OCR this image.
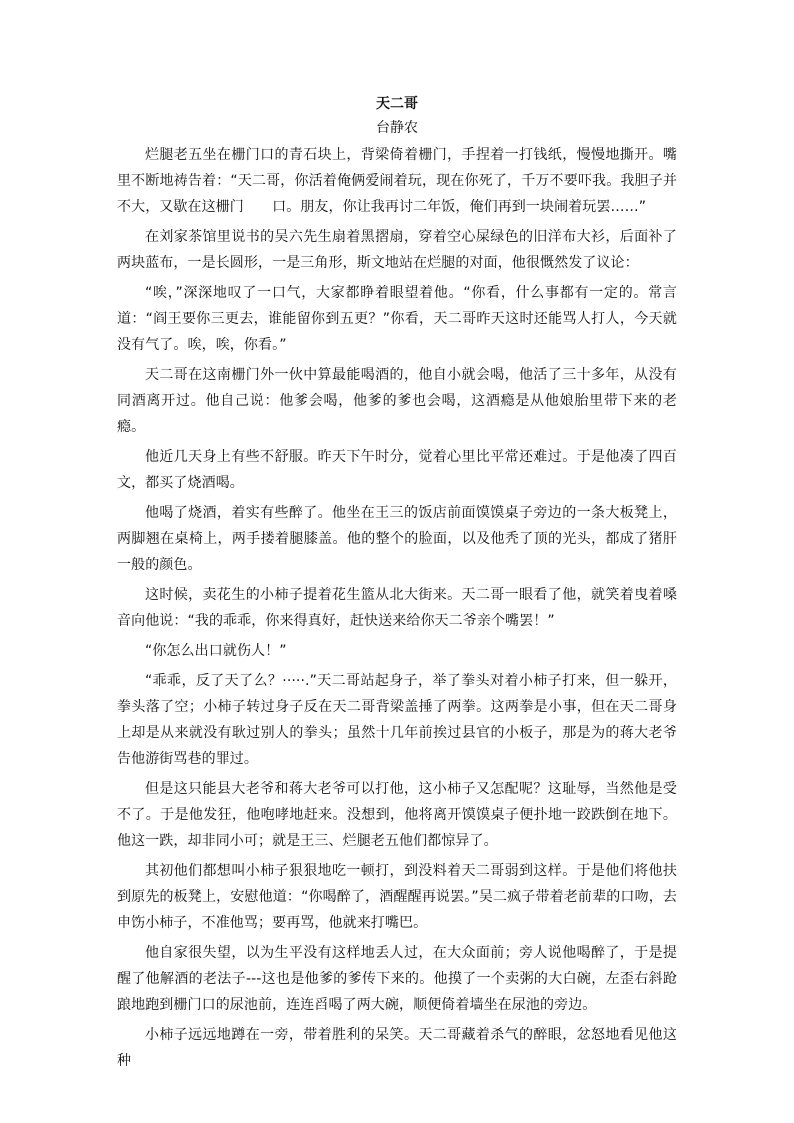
天二哥

台静农

烂腿老五坐在栅门口的青石块上，背梁倚着栅门，手捏着一打钱纸，慢慢地撕开。嘴里不断地祷告着：“天二哥，你活着俺俩爱闹着玩，现在你死了，千万不要吓我。我胆子并不大，又歇在这栅门　　口。朋友，你让我再讨二年饭，俺们再到一块闹着玩罢……”

在刘家茶馆里说书的吴六先生扇着黑摺扇，穿着空心屎绿色的旧洋布大衫，后面补了两块蓝布，一是长圆形，一是三角形，斯文地站在烂腿的对面，他很慨然发了议论：

“唉，”深深地叹了一口气，大家都睁着眼望着他。“你看，什么事都有一定的。常言道：“阎王要你三更去，谁能留你到五更？”你看，天二哥昨天这时还能骂人打人，今天就没有气了。唉，唉，你看。”

天二哥在这南栅门外一伙中算最能喝酒的，他自小就会喝，他活了三十多年，从没有同酒离开过。他自己说：他爹会喝，他爹的爹也会喝，这酒瘾是从他娘胎里带下来的老瘾。

他近几天身上有些不舒服。昨天下午时分，觉着心里比平常还难过。于是他凑了四百文，都买了烧酒喝。

他喝了烧酒，着实有些醉了。他坐在王三的饭店前面馍馍桌子旁边的一条大板凳上，两脚翘在桌椅上，两手搂着腿膝盖。他的整个的脸面，以及他秃了顶的光头，都成了猪肝一般的颜色。

这时候，卖花生的小柿子提着花生篮从北大街来。天二哥一眼看了他，就笑着曳着嗓音向他说：“我的乖乖，你来得真好，赶快送来给你天二爷亲个嘴罢！”

“你怎么出口就伤人！”

“乖乖，反了天了么？·····.”天二哥站起身子，举了拳头对着小柿子打来，但一躲开，拳头落了空；小柿子转过身子反在天二哥背梁盖捶了两拳。这两拳是小事，但在天二哥身上却是从来就没有耿过别人的拳头；虽然十几年前挨过县官的小板子，那是为的蒋大老爷告他游街骂巷的罪过。

但是这只能县大老爷和蒋大老爷可以打他，这小柿子又怎配呢？这耻辱，当然他是受不了。于是他发狂，他咆哮地赶来。没想到，他将离开馍馍桌子便扑地一跤跌倒在地下。他这一跌，却非同小可；就是王三、烂腿老五他们都惊异了。

其初他们都想叫小柿子狠狠地吃一顿打，到没料着天二哥弱到这样。于是他们将他扶到原先的板凳上，安慰他道：“你喝醉了，酒醒醒再说罢。”吴二疯子带着老前辈的口吻，去申饬小柿子，不准他骂；要再骂，他就来打嘴巴。

他自家很失望，以为生平没有这样地丢人过，在大众面前；旁人说他喝醉了，于是提醒了他解酒的老法子---这也是他爹的爹传下来的。他摸了一个卖粥的大白碗，左歪右斜跄踉地跑到栅门口的尿池前，连连舀喝了两大碗，顺便倚着墙坐在尿池的旁边。

小柿子远远地蹲在一旁，带着胜利的呆笑。天二哥藏着杀气的醉眼，忿怒地看见他这种
